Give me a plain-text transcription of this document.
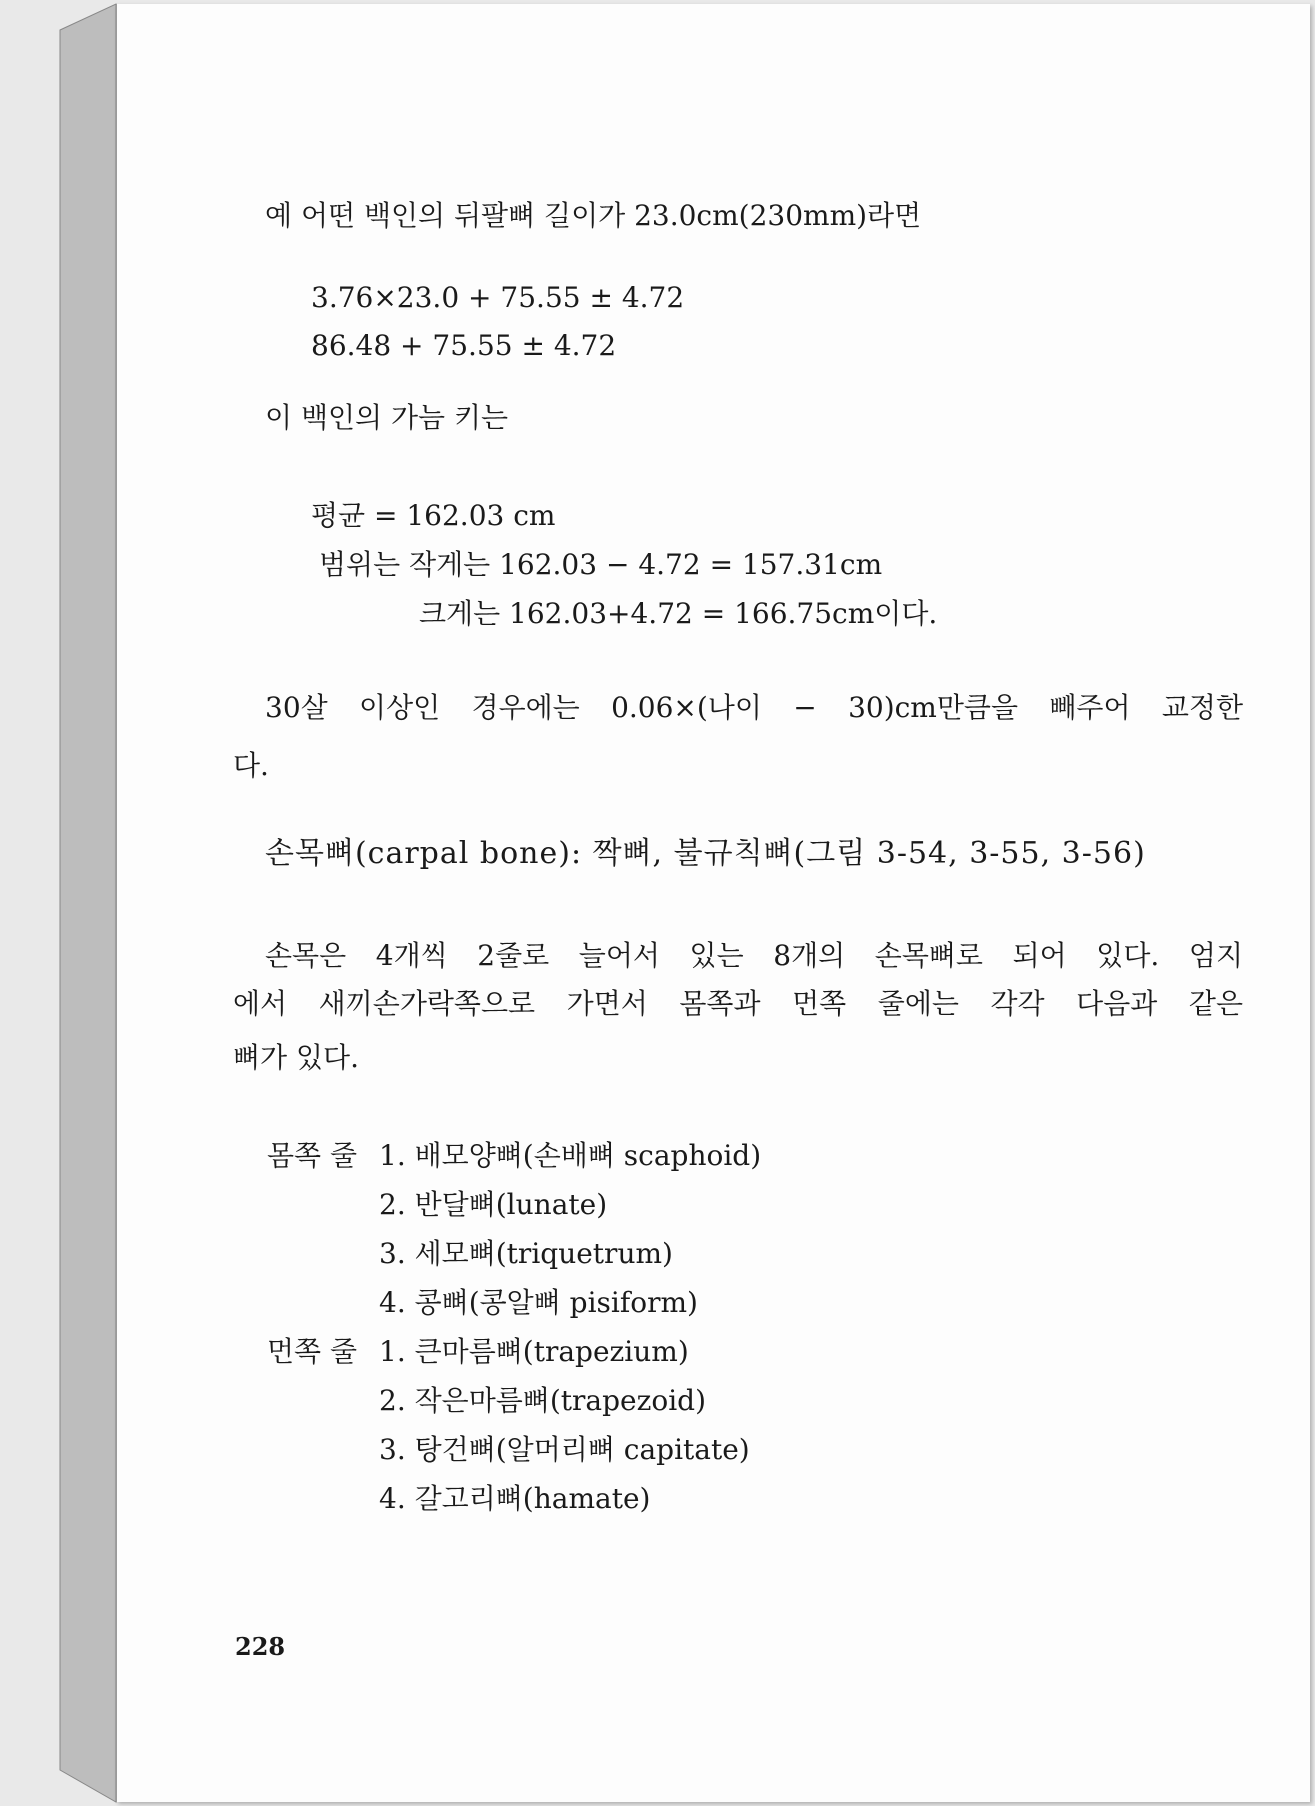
예 어떤 백인의 뒤팔뼈 길이가 23.0cm(230mm)라면
3.76×23.0 + 75.55 ± 4.72
86.48 + 75.55 ± 4.72
이 백인의 가늠 키는
평균 = 162.03 cm
범위는 작게는 162.03 − 4.72 = 157.31cm
크게는 162.03+4.72 = 166.75cm이다.
30살 이상인 경우에는 0.06×(나이 − 30)cm만큼을 빼주어 교정한
다.
손목뼈(carpal bone): 짝뼈, 불규칙뼈(그림 3-54, 3-55, 3-56)
손목은 4개씩 2줄로 늘어서 있는 8개의 손목뼈로 되어 있다. 엄지
에서 새끼손가락쪽으로 가면서 몸쪽과 먼쪽 줄에는 각각 다음과 같은
뼈가 있다.
몸쪽 줄 1. 배모양뼈(손배뼈 scaphoid)
2. 반달뼈(lunate)
3. 세모뼈(triquetrum)
4. 콩뼈(콩알뼈 pisiform)
먼쪽 줄 1. 큰마름뼈(trapezium)
2. 작은마름뼈(trapezoid)
3. 탕건뼈(알머리뼈 capitate)
4. 갈고리뼈(hamate)
228
